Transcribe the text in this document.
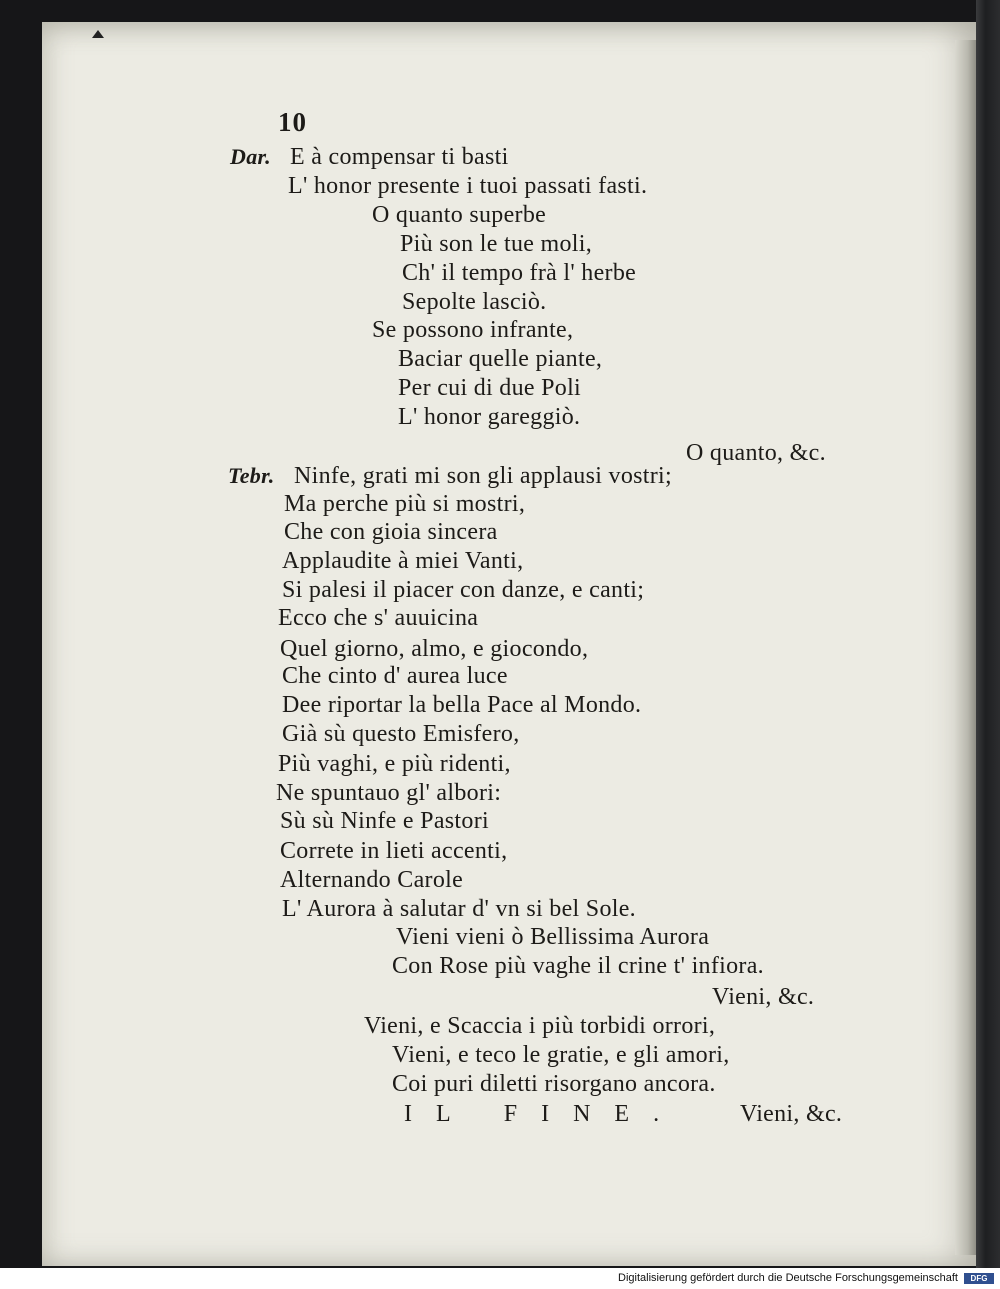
10
Dar. E à compensar ti basti
L' honor presente i tuoi passati fasti.
O quanto superbe
Più son le tue moli,
Ch' il tempo frà l' herbe
Sepolte lasciò.
Se possono infrante,
Baciar quelle piante,
Per cui di due Poli
L' honor gareggiò.
O quanto, &c.
Tebr. Ninfe, grati mi son gli applausi vostri;
Ma perche più si mostri,
Che con gioia sincera
Applaudite à miei Vanti,
Si palesi il piacer con danze, e canti;
Ecco che s' auuicina
Quel giorno, almo, e giocondo,
Che cinto d' aurea luce
Dee riportar la bella Pace al Mondo.
Già sù questo Emisfero,
Più vaghi, e più ridenti,
Ne spuntauo gl' albori:
Sù sù Ninfe e Pastori
Correte in lieti accenti,
Alternando Carole
L' Aurora à salutar d' vn si bel Sole.
Vieni vieni ò Bellissima Aurora
Con Rose più vaghe il crine t' infiora.
Vieni, &c.
Vieni, e Scaccia i più torbidi orrori,
Vieni, e teco le gratie, e gli amori,
Coi puri diletti risorgano ancora.
IL FINE. Vieni, &c.
Digitalisierung gefördert durch die Deutsche Forschungsgemeinschaft	DFG
